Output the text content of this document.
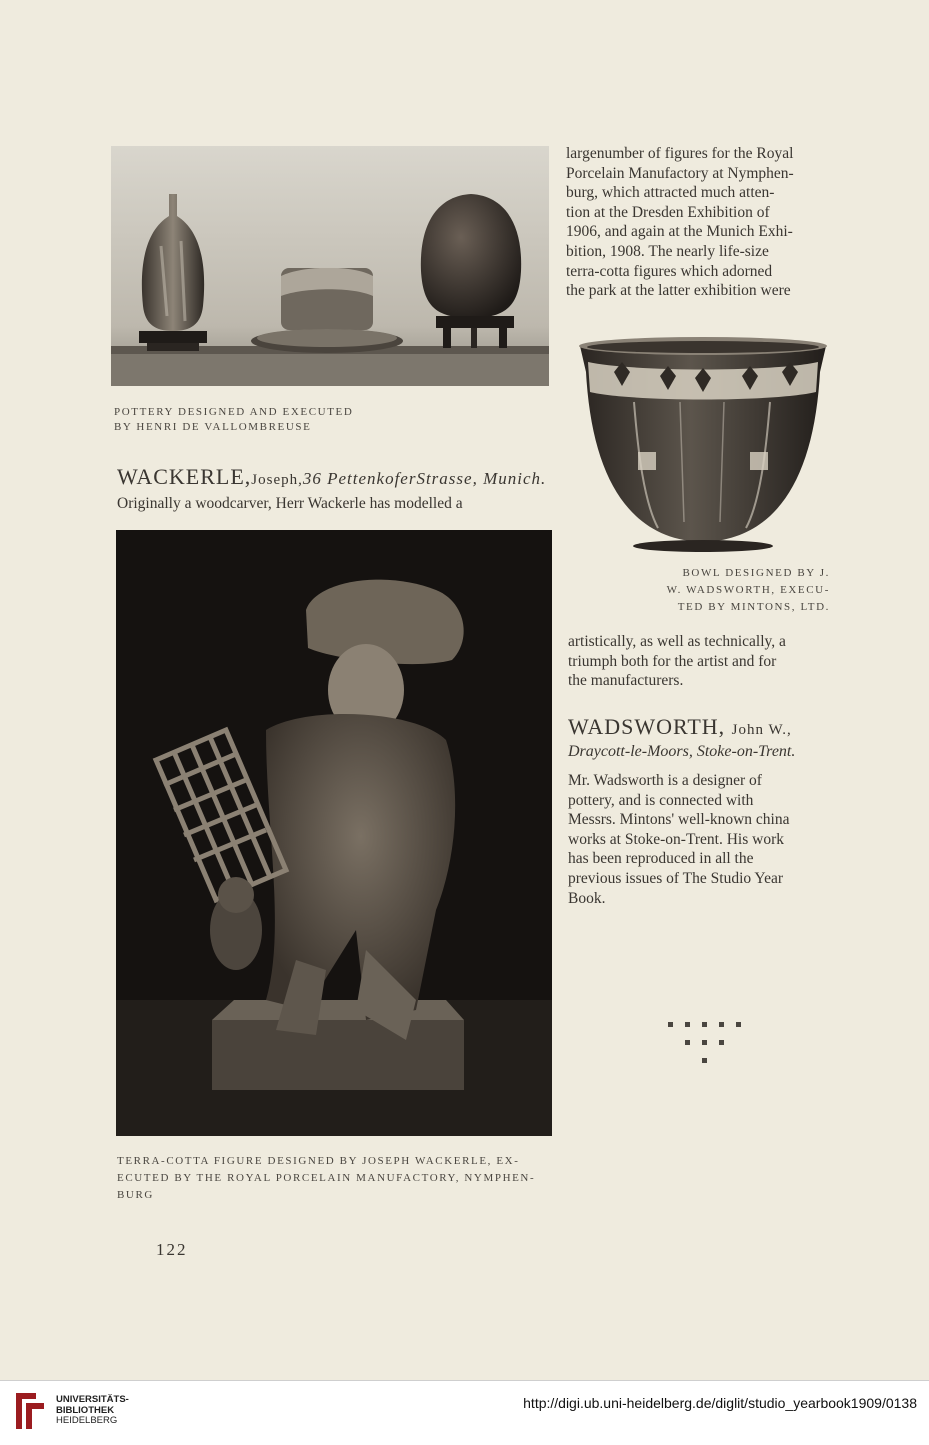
POTTERY DESIGNED AND EXECUTED
BY HENRI DE VALLOMBREUSE
largenumber of figures for the Royal
Porcelain Manufactory at Nymphen-
burg, which attracted much atten-
tion at the Dresden Exhibition of
1906, and again at the Munich Exhi-
bition, 1908. The nearly life-size
terra-cotta figures which adorned
the park at the latter exhibition were
BOWL DESIGNED BY J.
W. WADSWORTH, EXECU-
TED BY MINTONS, LTD.
WACKERLE,Joseph,36 PettenkoferStrasse, Munich.
Originally a woodcarver, Herr Wackerle has modelled a
TERRA-COTTA FIGURE DESIGNED BY JOSEPH WACKERLE, EX-
ECUTED BY THE ROYAL PORCELAIN MANUFACTORY, NYMPHEN-
BURG
artistically, as well as technically, a
triumph both for the artist and for
the manufacturers.
WADSWORTH, John W.,
Draycott-le-Moors, Stoke-on-Trent.
Mr. Wadsworth is a designer of
pottery, and is connected with
Messrs. Mintons' well-known china
works at Stoke-on-Trent. His work
has been reproduced in all the
previous issues of The Studio Year
Book.
122
UNIVERSITÄTS-
BIBLIOTHEK
HEIDELBERG
http://digi.ub.uni-heidelberg.de/diglit/studio_yearbook1909/0138
